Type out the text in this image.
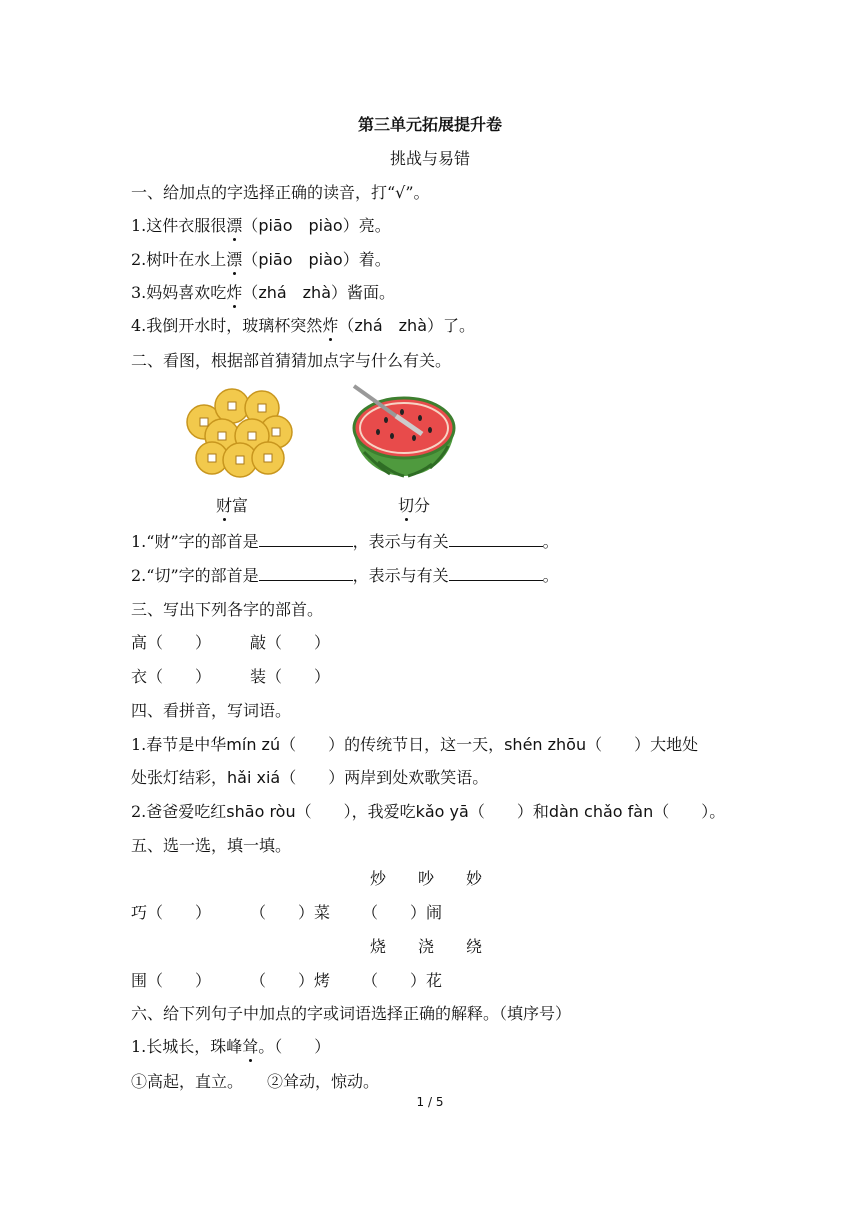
第三单元拓展提升卷
挑战与易错
一、给加点的字选择正确的读音，打“√”。
1.这件衣服很漂（piāo　piào）亮。
2.树叶在水上漂（piāo　piào）着。
3.妈妈喜欢吃炸（zhá　zhà）酱面。
4.我倒开水时，玻璃杯突然炸（zhá　zhà）了。
二、看图，根据部首猜猜加点字与什么有关。
财富	切分
1.“财”字的部首是	，表示与有关	。
2.“切”字的部首是	，表示与有关	。
三、写出下列各字的部首。
高（　　） 敲（　　）
衣（　　） 装（　　）
四、看拼音，写词语。
1.春节是中华mín zú（　　）的传统节日，这一天，shén zhōu（　　）大地处
处张灯结彩，hǎi xiá（　　）两岸到处欢歌笑语。
2.爸爸爱吃红shāo ròu（　　），我爱吃kǎo yā（　　）和dàn chǎo fàn（　　）。
五、选一选，填一填。
炒　　吵　　妙
巧（　　） （　　）菜 （　　）闹
烧　　浇　　绕
围（　　） （　　）烤 （　　）花
六、给下列句子中加点的字或词语选择正确的解释。（填序号）
1.长城长，珠峰耸。（　　）
①高起，直立。　　②耸动，惊动。
1 / 5
